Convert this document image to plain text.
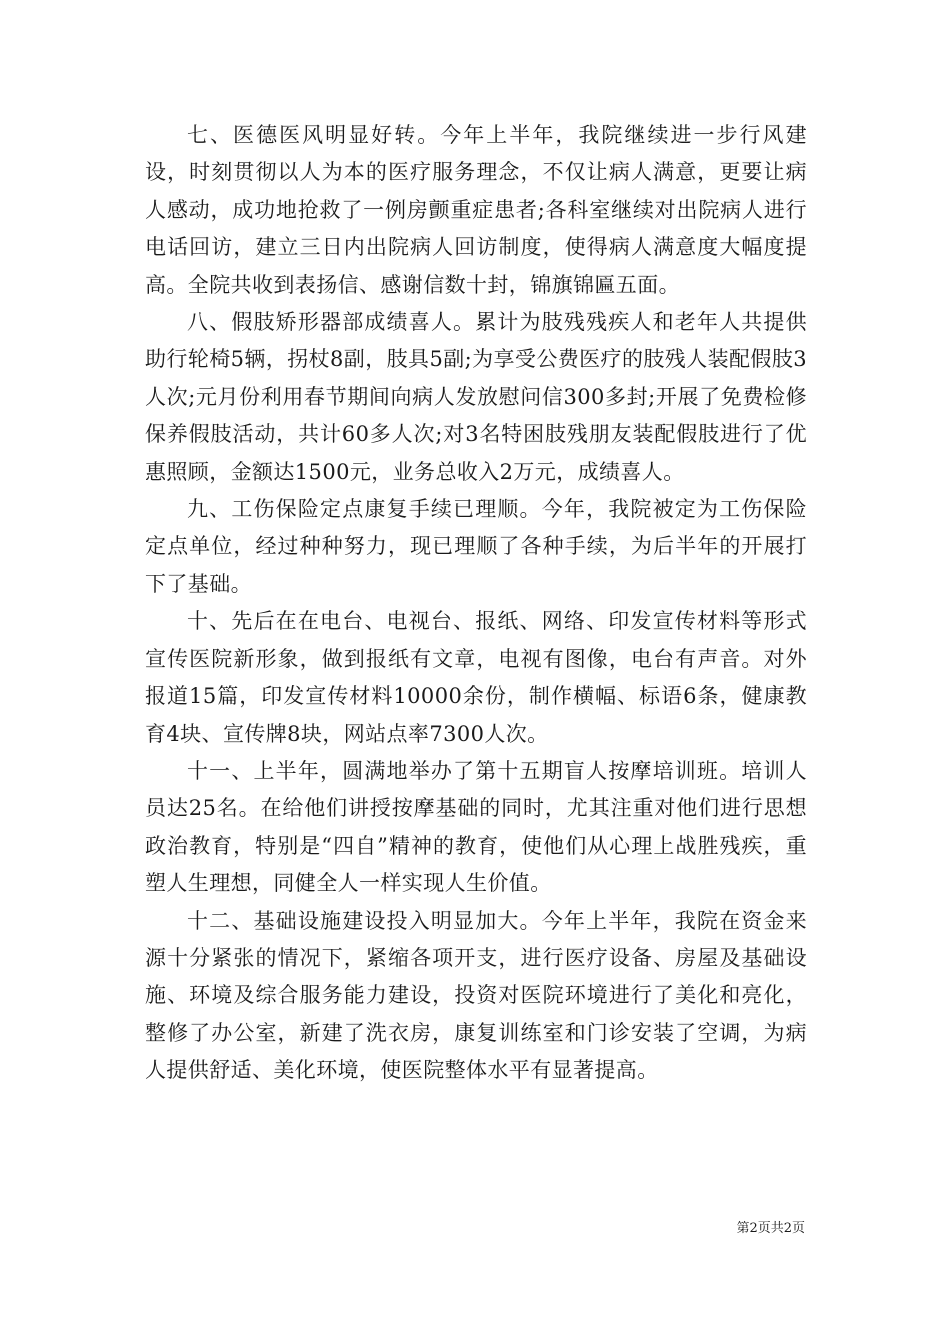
七、医德医风明显好转。今年上半年，我院继续进一步行风建设，时刻贯彻以人为本的医疗服务理念，不仅让病人满意，更要让病人感动，成功地抢救了一例房颤重症患者;各科室继续对出院病人进行电话回访，建立三日内出院病人回访制度，使得病人满意度大幅度提高。全院共收到表扬信、感谢信数十封，锦旗锦匾五面。

八、假肢矫形器部成绩喜人。累计为肢残残疾人和老年人共提供助行轮椅5辆，拐杖8副，肢具5副;为享受公费医疗的肢残人装配假肢3人次;元月份利用春节期间向病人发放慰问信300多封;开展了免费检修保养假肢活动，共计60多人次;对3名特困肢残朋友装配假肢进行了优惠照顾，金额达1500元，业务总收入2万元，成绩喜人。

九、工伤保险定点康复手续已理顺。今年，我院被定为工伤保险定点单位，经过种种努力，现已理顺了各种手续，为后半年的开展打下了基础。

十、先后在在电台、电视台、报纸、网络、印发宣传材料等形式宣传医院新形象，做到报纸有文章，电视有图像，电台有声音。对外报道15篇，印发宣传材料10000余份，制作横幅、标语6条，健康教育4块、宣传牌8块，网站点率7300人次。

十一、上半年，圆满地举办了第十五期盲人按摩培训班。培训人员达25名。在给他们讲授按摩基础的同时，尤其注重对他们进行思想政治教育，特别是“四自”精神的教育，使他们从心理上战胜残疾，重塑人生理想，同健全人一样实现人生价值。

十二、基础设施建设投入明显加大。今年上半年，我院在资金来源十分紧张的情况下，紧缩各项开支，进行医疗设备、房屋及基础设施、环境及综合服务能力建设，投资对医院环境进行了美化和亮化，整修了办公室，新建了洗衣房，康复训练室和门诊安装了空调，为病人提供舒适、美化环境，使医院整体水平有显著提高。

第2页共2页
